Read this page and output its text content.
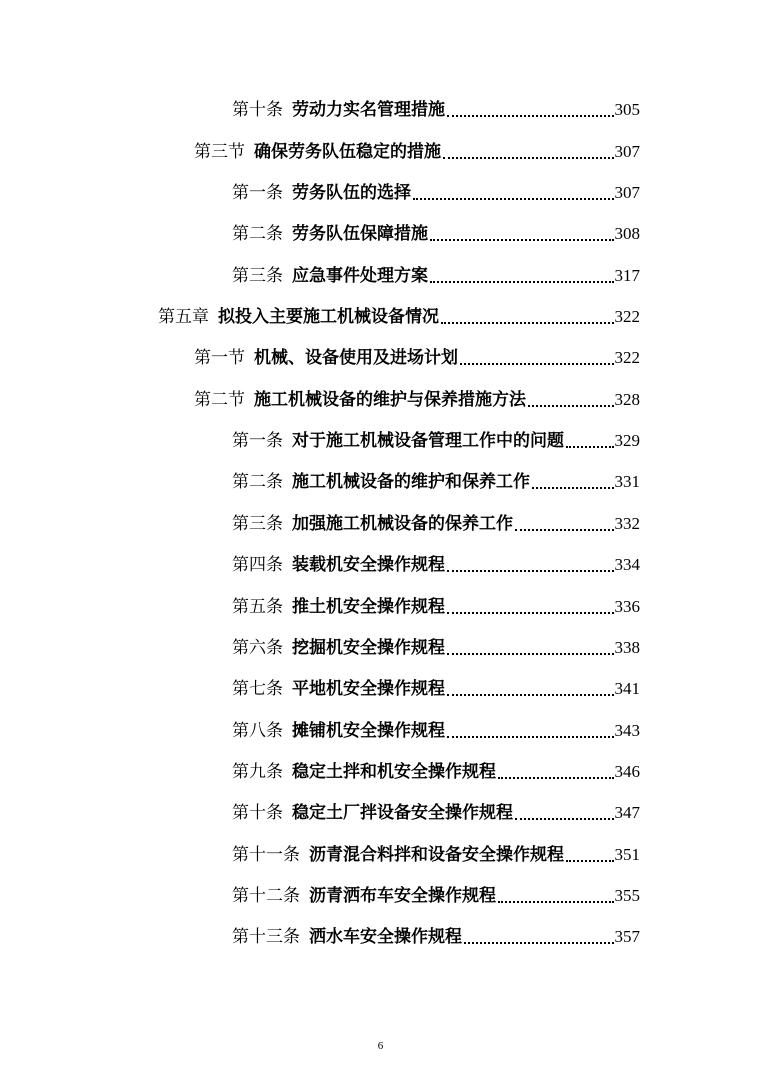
第十条 劳动力实名管理措施	305
第三节 确保劳务队伍稳定的措施	307
第一条 劳务队伍的选择	307
第二条 劳务队伍保障措施	308
第三条 应急事件处理方案	317
第五章 拟投入主要施工机械设备情况	322
第一节 机械、设备使用及进场计划	322
第二节 施工机械设备的维护与保养措施方法	328
第一条 对于施工机械设备管理工作中的问题	329
第二条 施工机械设备的维护和保养工作	331
第三条 加强施工机械设备的保养工作	332
第四条 装载机安全操作规程	334
第五条 推土机安全操作规程	336
第六条 挖掘机安全操作规程	338
第七条 平地机安全操作规程	341
第八条 摊铺机安全操作规程	343
第九条 稳定土拌和机安全操作规程	346
第十条 稳定土厂拌设备安全操作规程	347
第十一条 沥青混合料拌和设备安全操作规程	351
第十二条 沥青洒布车安全操作规程	355
第十三条 洒水车安全操作规程	357
6
